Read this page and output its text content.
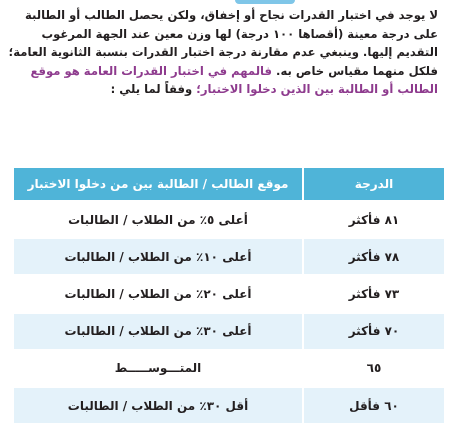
لا يوجد في اختبار القدرات نجاح أو إخفاق، ولكن يحصل الطالب أو الطالبة على درجة معينة (أقصاها ١٠٠ درجة) لها وزن معين عند الجهة المرغوب التقديم إليها. وينبغي عدم مقارنة درجة اختبار القدرات بنسبة الثانوية العامة؛ فلكل منهما مقياس خاص به. فالمهم في اختبار القدرات العامة هو موقع الطالب أو الطالبة بين الذين دخلوا الاختبار؛ وفقاً لما يلي :

الدرجة	موقع الطالب / الطالبة بين من دخلوا الاختبار
٨١ فأكثر	أعلى ٥٪ من الطلاب / الطالبات
٧٨ فأكثر	أعلى ١٠٪ من الطلاب / الطالبات
٧٣ فأكثر	أعلى ٢٠٪ من الطلاب / الطالبات
٧٠ فأكثر	أعلى ٣٠٪ من الطلاب / الطالبات
٦٥	المتـــوســـــط
٦٠ فأقل	أقل ٣٠٪ من الطلاب / الطالبات
